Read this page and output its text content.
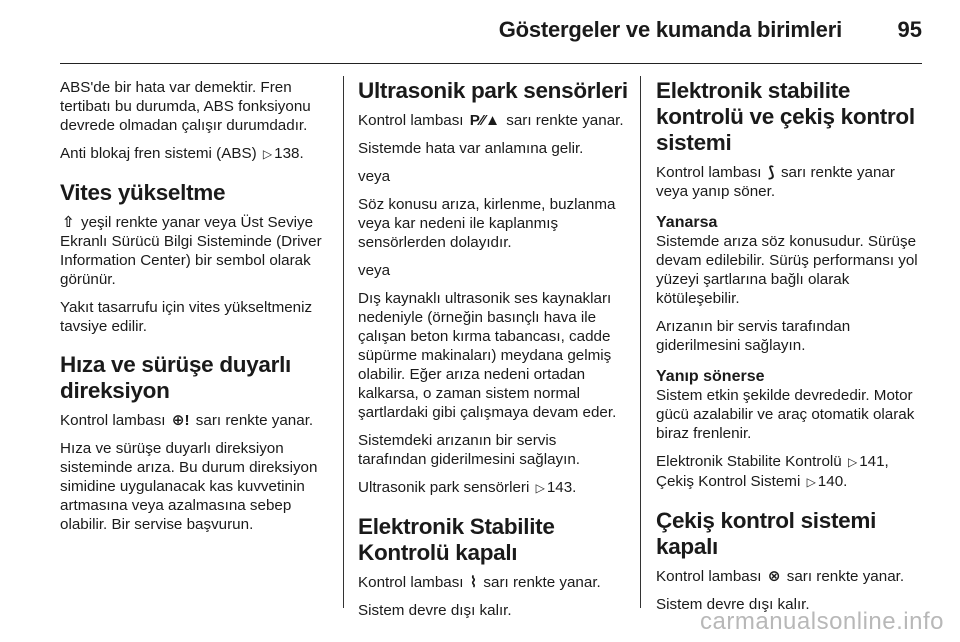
Göstergeler ve kumanda birimleri	95

ABS'de bir hata var demektir. Fren tertibatı bu durumda, ABS fonksiyonu devrede olmadan çalışır durumdadır.

Anti blokaj fren sistemi (ABS) ▷ 138.

Vites yükseltme

⇧ yeşil renkte yanar veya Üst Seviye Ekranlı Sürücü Bilgi Sisteminde (Driver Information Center) bir sembol olarak görünür.

Yakıt tasarrufu için vites yükseltmeniz tavsiye edilir.

Hıza ve sürüşe duyarlı direksiyon

Kontrol lambası ⊕! sarı renkte yanar.

Hıza ve sürüşe duyarlı direksiyon sisteminde arıza. Bu durum direksiyon simidine uygulanacak kas kuvvetinin artmasına veya azalmasına sebep olabilir. Bir servise başvurun.

Ultrasonik park sensörleri

Kontrol lambası P⁄⁄▲ sarı renkte yanar.

Sistemde hata var anlamına gelir.

veya

Söz konusu arıza, kirlenme, buzlanma veya kar nedeni ile kaplanmış sensörlerden dolayıdır.

veya

Dış kaynaklı ultrasonik ses kaynakları nedeniyle (örneğin basınçlı hava ile çalışan beton kırma tabancası, cadde süpürme makinaları) meydana gelmiş olabilir. Eğer arıza nedeni ortadan kalkarsa, o zaman sistem normal şartlardaki gibi çalışmaya devam eder.

Sistemdeki arızanın bir servis tarafından giderilmesini sağlayın.

Ultrasonik park sensörleri ▷ 143.

Elektronik Stabilite Kontrolü kapalı

Kontrol lambası ⌇ sarı renkte yanar.

Sistem devre dışı kalır.

Elektronik stabilite kontrolü ve çekiş kontrol sistemi

Kontrol lambası ⟆ sarı renkte yanar veya yanıp söner.

Yanarsa

Sistemde arıza söz konusudur. Sürüşe devam edilebilir. Sürüş performansı yol yüzeyi şartlarına bağlı olarak kötüleşebilir.

Arızanın bir servis tarafından giderilmesini sağlayın.

Yanıp sönerse

Sistem etkin şekilde devrededir. Motor gücü azalabilir ve araç otomatik olarak biraz frenlenir.

Elektronik Stabilite Kontrolü ▷ 141,
Çekiş Kontrol Sistemi ▷ 140.

Çekiş kontrol sistemi kapalı

Kontrol lambası ⊗ sarı renkte yanar.

Sistem devre dışı kalır.

carmanualsonline.info
